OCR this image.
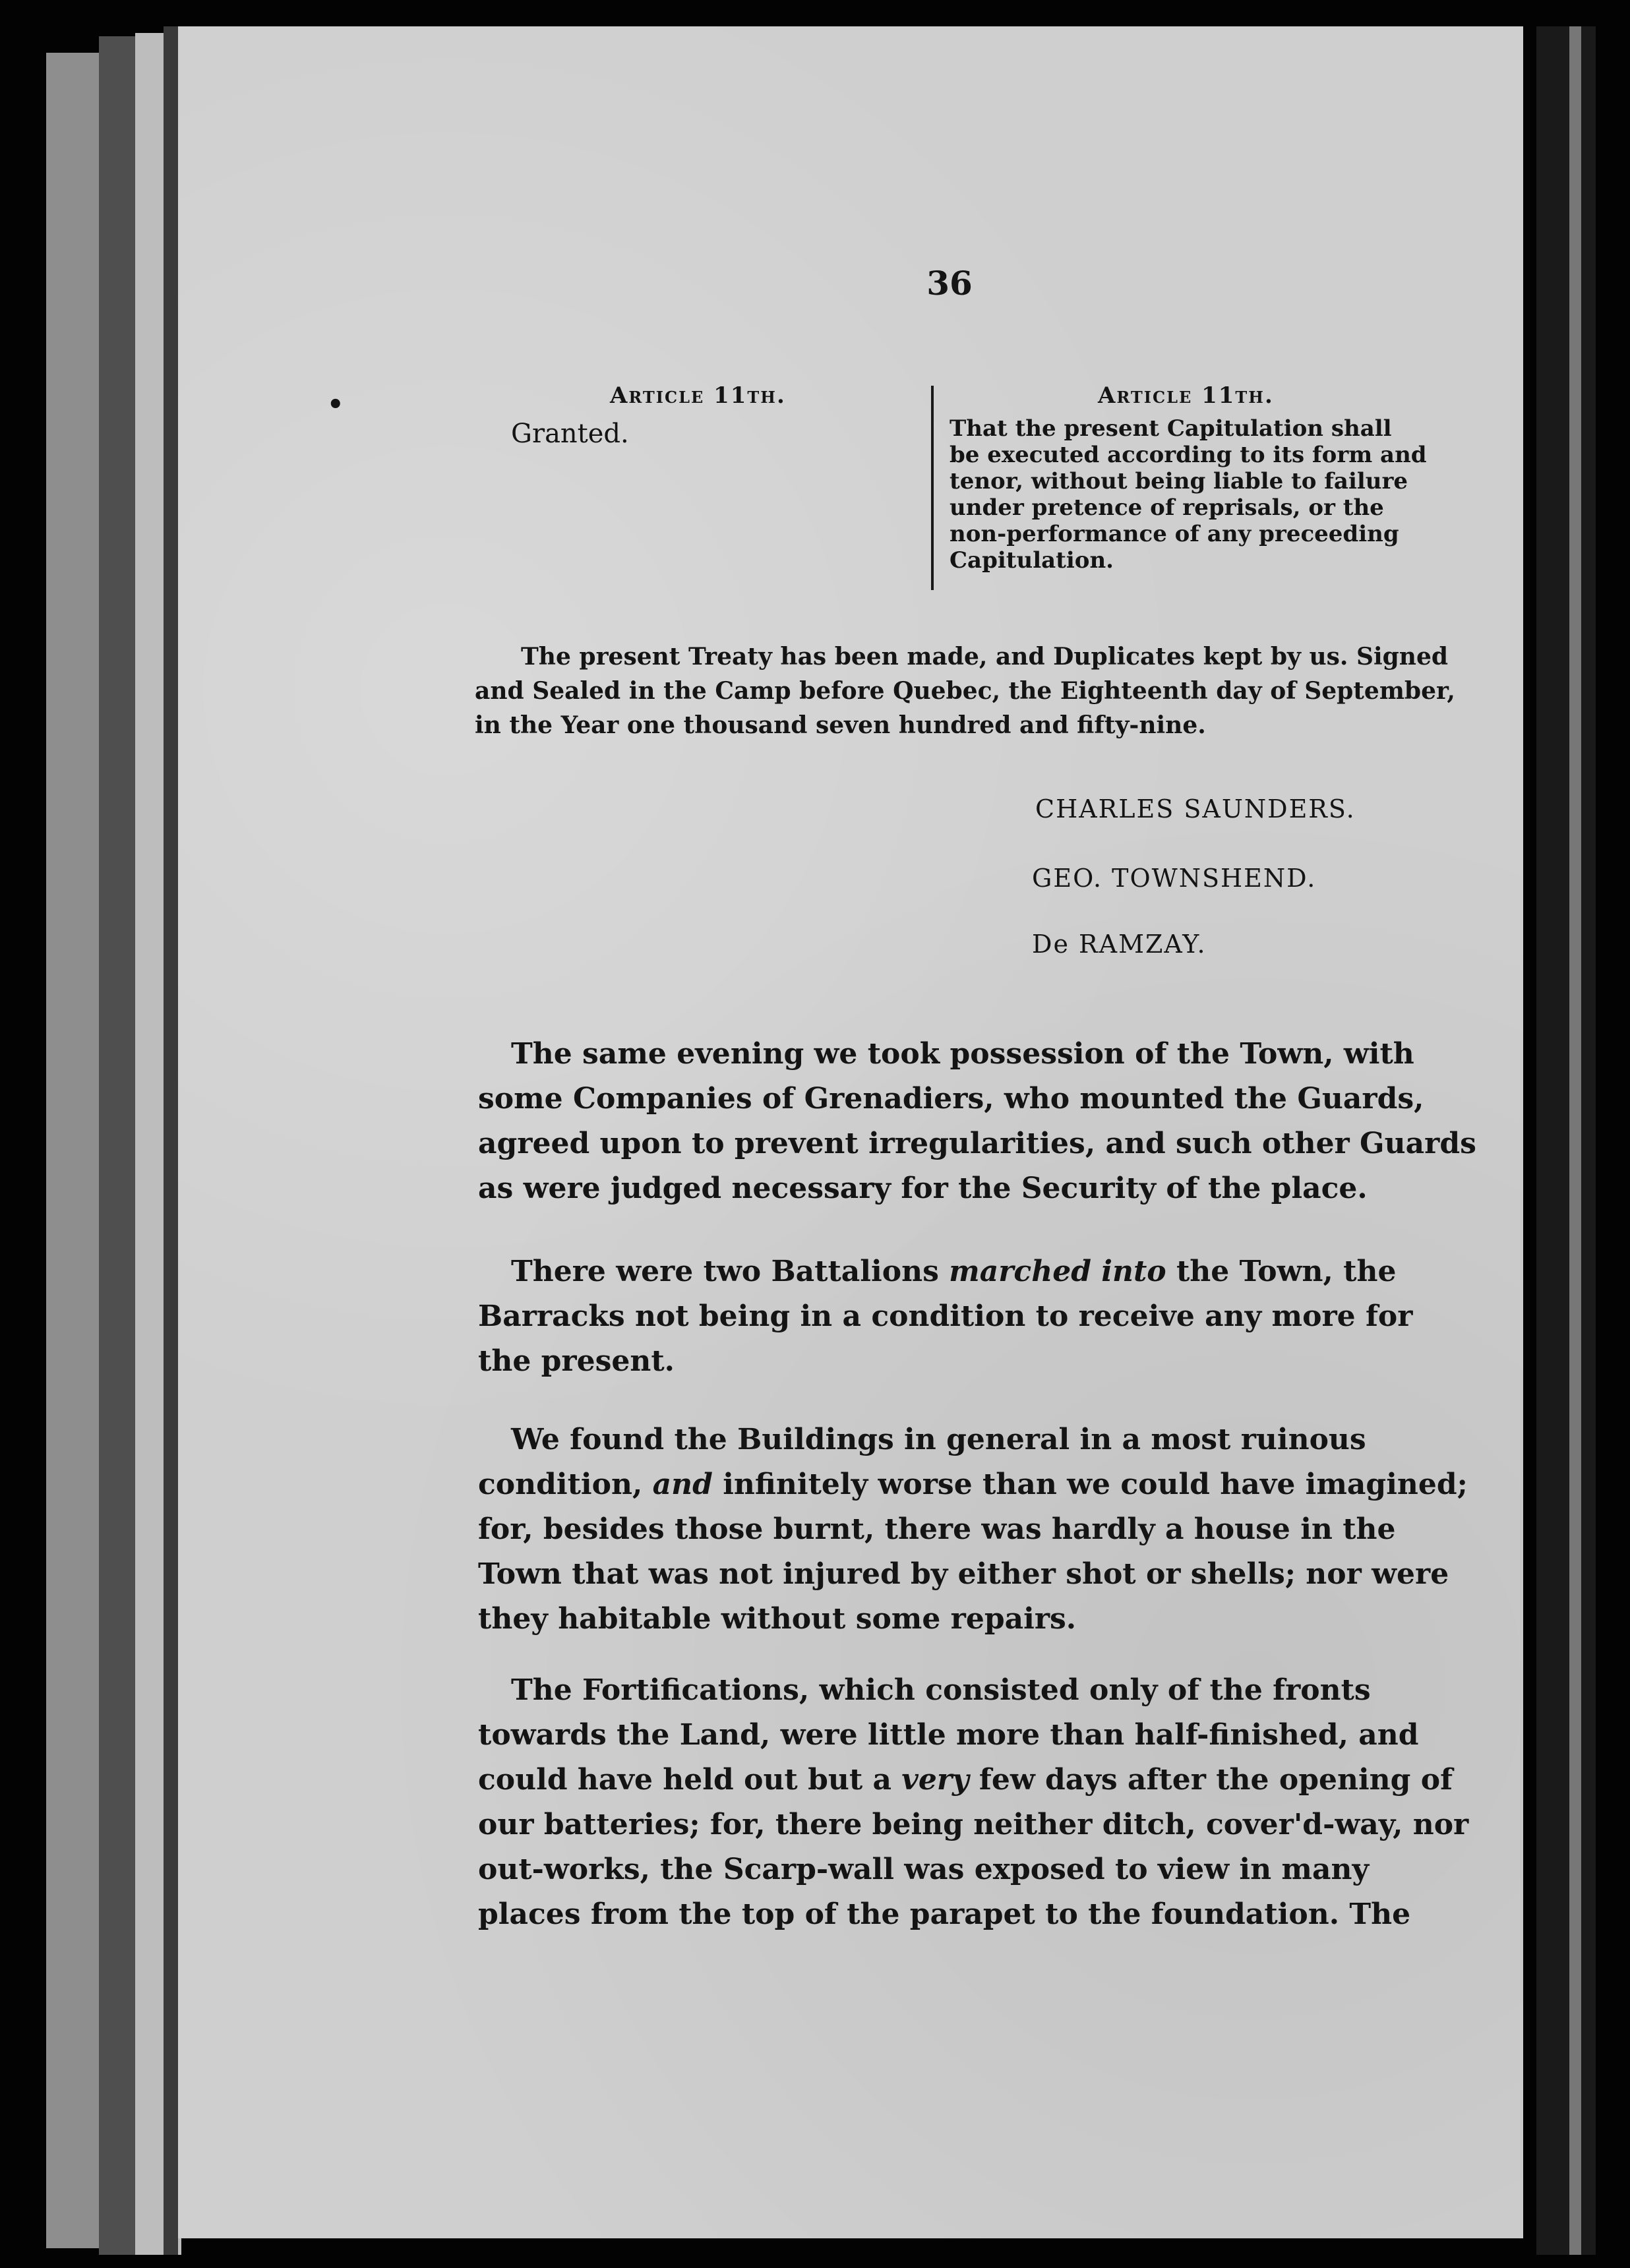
•
36
Article 11th.
Granted.
Article 11th.
That the present Capitulation shall
be executed according to its form and
tenor, without being liable to failure
under pretence of reprisals, or the
non-performance of any preceeding
Capitulation.
The present Treaty has been made, and Duplicates kept by us. Signed
and Sealed in the Camp before Quebec, the Eighteenth day of September,
in the Year one thousand seven hundred and fifty-nine.
CHARLES SAUNDERS.
GEO. TOWNSHEND.
De RAMZAY.
The same evening we took possession of the Town, with
some Companies of Grenadiers, who mounted the Guards,
agreed upon to prevent irregularities, and such other Guards
as were judged necessary for the Security of the place.
There were two Battalions marched into the Town, the
Barracks not being in a condition to receive any more for
the present.
We found the Buildings in general in a most ruinous
condition, and infinitely worse than we could have imagined;
for, besides those burnt, there was hardly a house in the
Town that was not injured by either shot or shells; nor were
they habitable without some repairs.
The Fortifications, which consisted only of the fronts
towards the Land, were little more than half-finished, and
could have held out but a very few days after the opening of
our batteries; for, there being neither ditch, cover'd-way, nor
out-works, the Scarp-wall was exposed to view in many
places from the top of the parapet to the foundation. The
